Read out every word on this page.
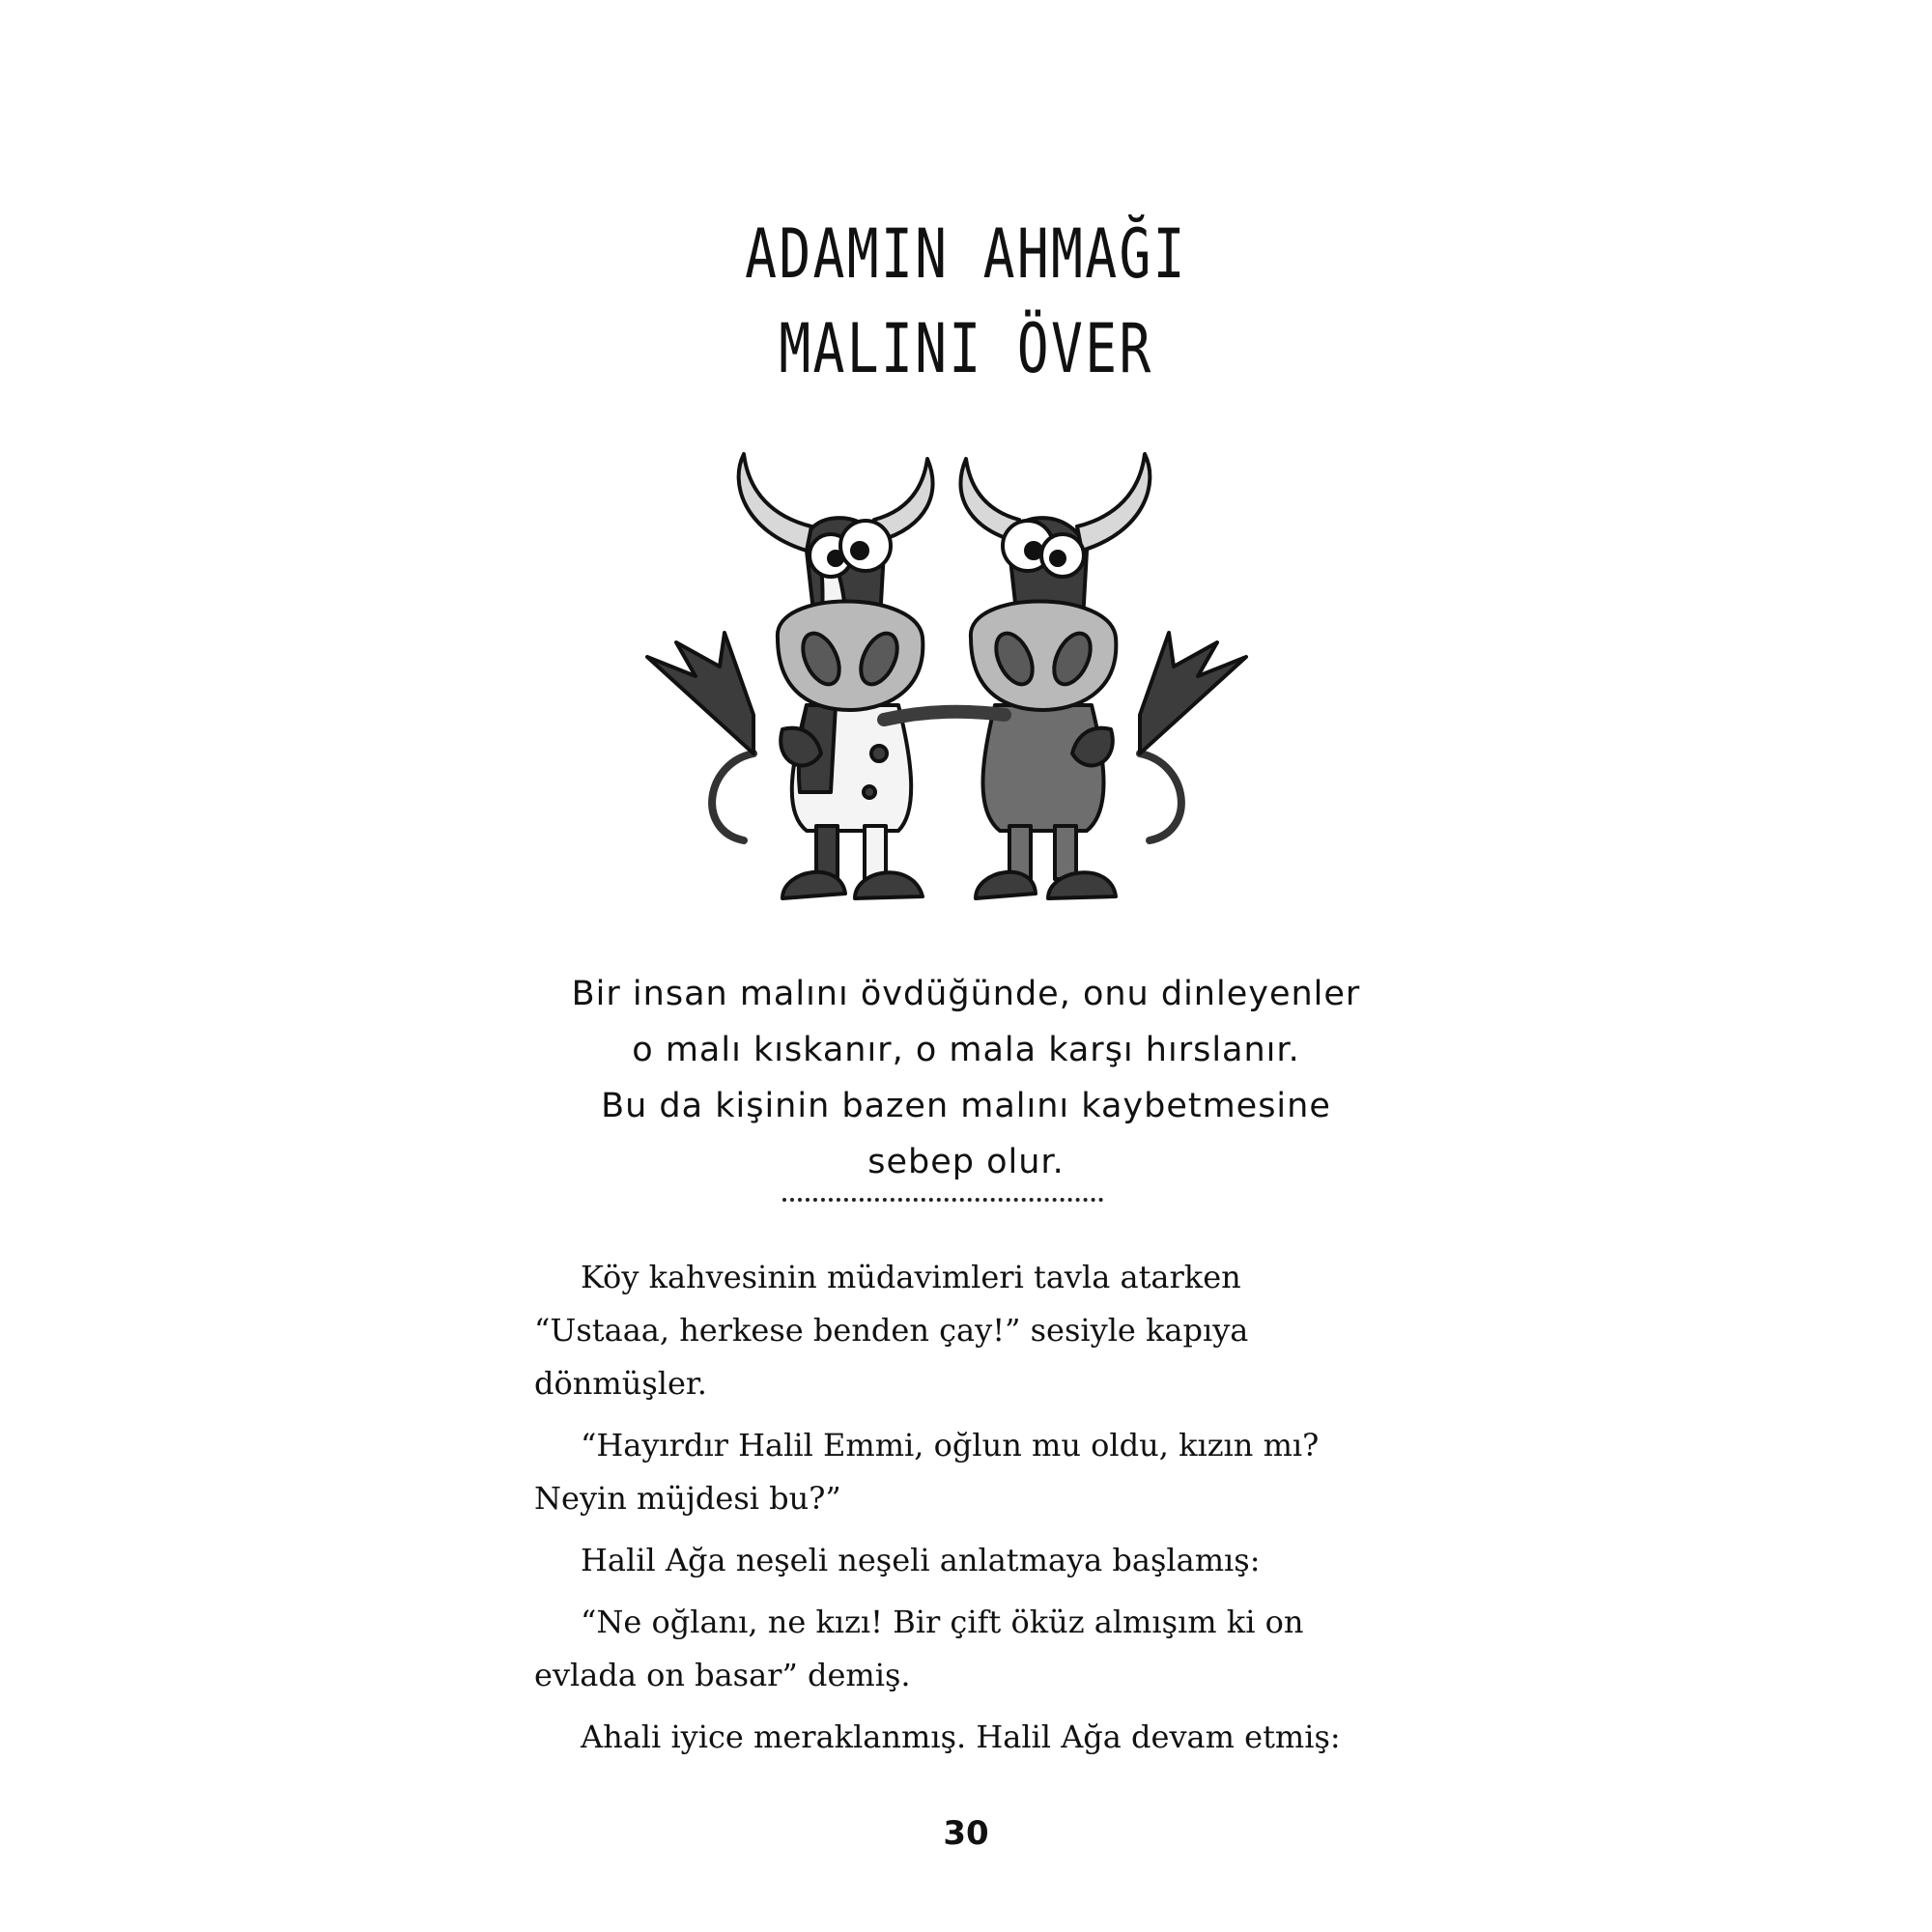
ADAMIN AHMAĞI
MALINI ÖVER
Bir insan malını övdüğünde, onu dinleyenler
o malı kıskanır, o mala karşı hırslanır.
Bu da kişinin bazen malını kaybetmesine
sebep olur.

Köy kahvesinin müdavimleri tavla atarken “Ustaaa, herkese benden çay!” sesiyle kapıya dönmüşler.

“Hayırdır Halil Emmi, oğlun mu oldu, kızın mı? Neyin müjdesi bu?”

Halil Ağa neşeli neşeli anlatmaya başlamış:

“Ne oğlanı, ne kızı! Bir çift öküz almışım ki on evlada on basar” demiş.

Ahali iyice meraklanmış. Halil Ağa devam etmiş:

30
